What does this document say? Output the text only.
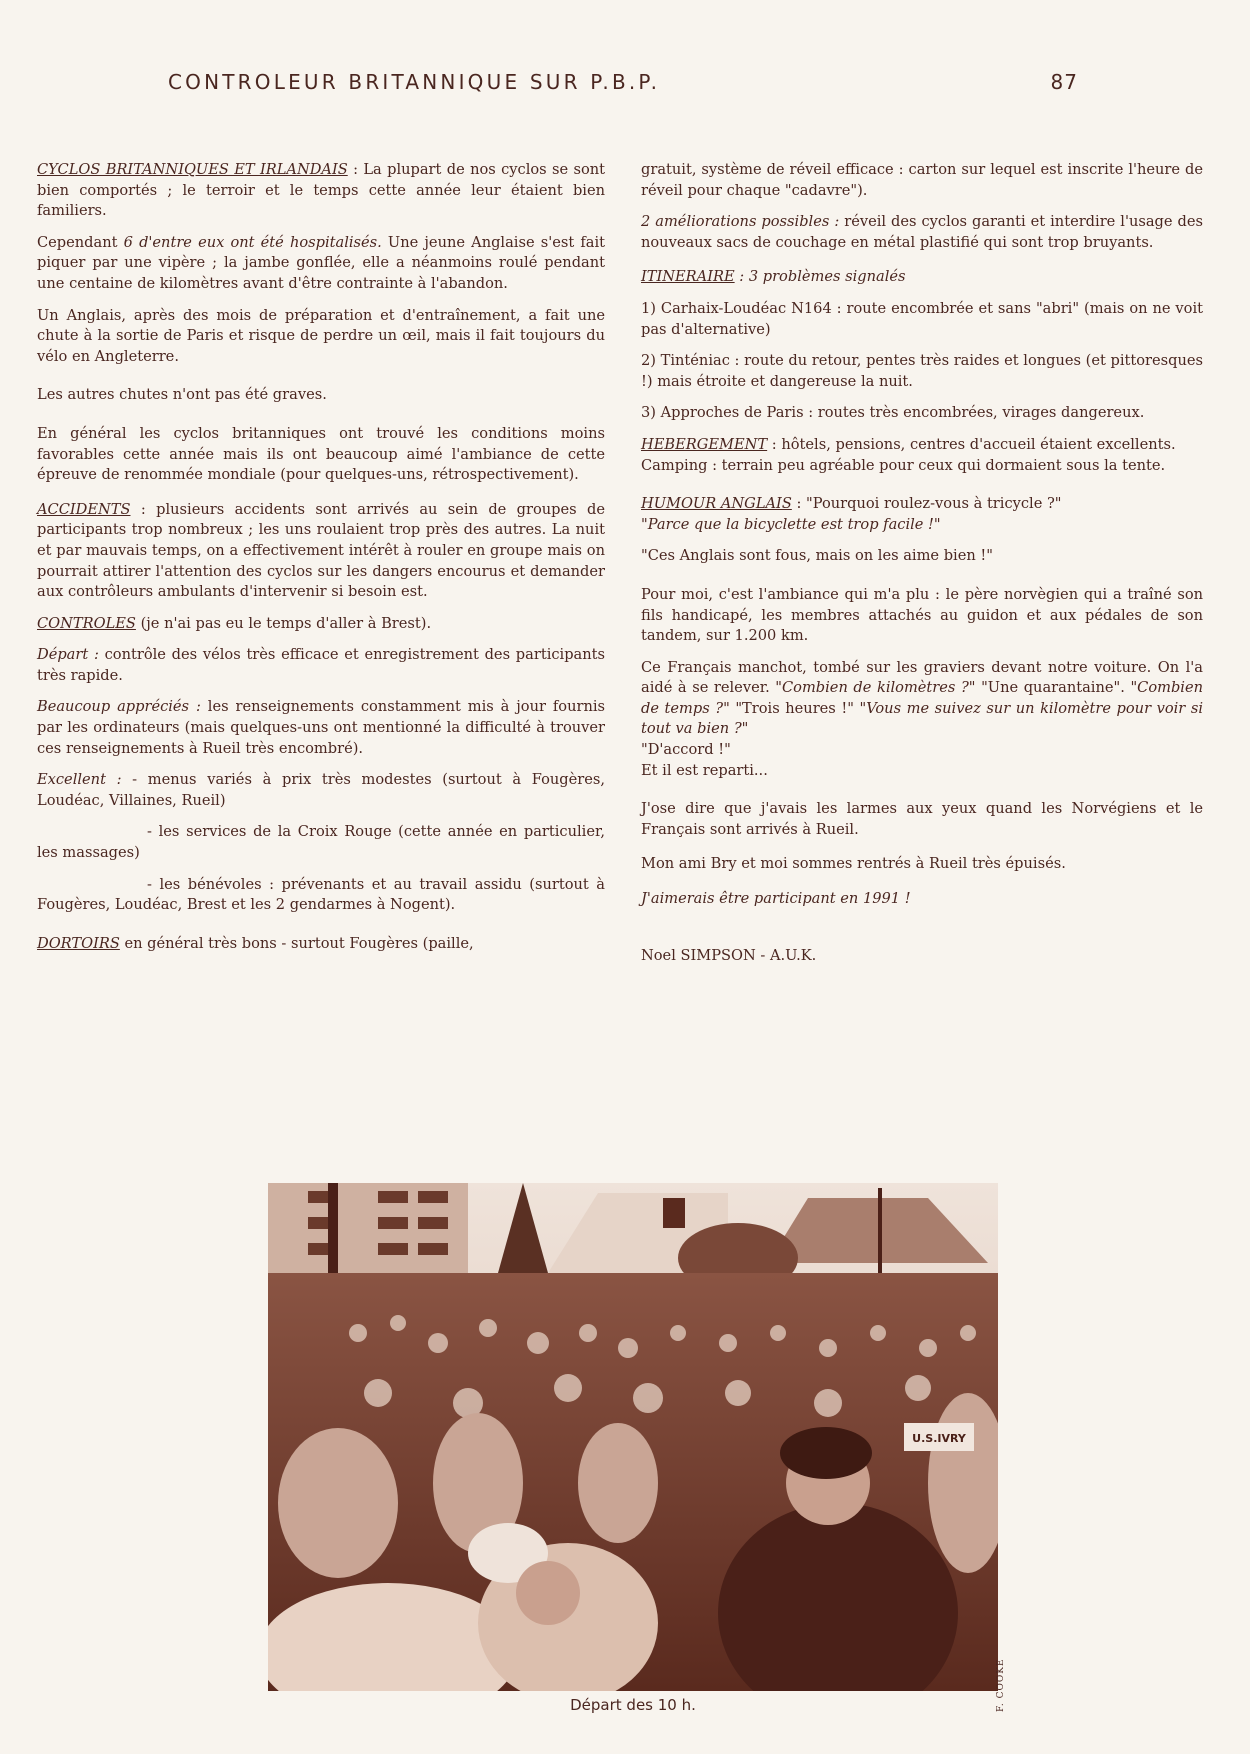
CONTROLEUR BRITANNIQUE SUR P.B.P.	87

CYCLOS BRITANNIQUES ET IRLANDAIS : La plupart de nos cyclos se sont bien comportés ; le terroir et le temps cette année leur étaient bien familiers.

Cependant 6 d'entre eux ont été hospitalisés. Une jeune Anglaise s'est fait piquer par une vipère ; la jambe gonflée, elle a néanmoins roulé pendant une centaine de kilomètres avant d'être contrainte à l'abandon.

Un Anglais, après des mois de préparation et d'entraînement, a fait une chute à la sortie de Paris et risque de perdre un œil, mais il fait toujours du vélo en Angleterre.

Les autres chutes n'ont pas été graves.

En général les cyclos britanniques ont trouvé les conditions moins favorables cette année mais ils ont beaucoup aimé l'ambiance de cette épreuve de renommée mondiale (pour quelques-uns, rétrospectivement).

ACCIDENTS : plusieurs accidents sont arrivés au sein de groupes de participants trop nombreux ; les uns roulaient trop près des autres. La nuit et par mauvais temps, on a effectivement intérêt à rouler en groupe mais on pourrait attirer l'attention des cyclos sur les dangers encourus et demander aux contrôleurs ambulants d'intervenir si besoin est.

CONTROLES (je n'ai pas eu le temps d'aller à Brest).

Départ : contrôle des vélos très efficace et enregistrement des participants très rapide.

Beaucoup appréciés : les renseignements constamment mis à jour fournis par les ordinateurs (mais quelques-uns ont mentionné la difficulté à trouver ces renseignements à Rueil très encombré).

Excellent : - menus variés à prix très modestes (surtout à Fougères, Loudéac, Villaines, Rueil)

- les services de la Croix Rouge (cette année en particulier, les massages)

- les bénévoles : prévenants et au travail assidu (surtout à Fougères, Loudéac, Brest et les 2 gendarmes à Nogent).

DORTOIRS en général très bons - surtout Fougères (paille,

gratuit, système de réveil efficace : carton sur lequel est inscrite l'heure de réveil pour chaque "cadavre").

2 améliorations possibles : réveil des cyclos garanti et interdire l'usage des nouveaux sacs de couchage en métal plastifié qui sont trop bruyants.

ITINERAIRE : 3 problèmes signalés

1) Carhaix-Loudéac N164 : route encombrée et sans "abri" (mais on ne voit pas d'alternative)

2) Tinténiac : route du retour, pentes très raides et longues (et pittoresques !) mais étroite et dangereuse la nuit.

3) Approches de Paris : routes très encombrées, virages dangereux.

HEBERGEMENT : hôtels, pensions, centres d'accueil étaient excellents.

Camping : terrain peu agréable pour ceux qui dormaient sous la tente.

HUMOUR ANGLAIS : "Pourquoi roulez-vous à tricycle ?"

"Parce que la bicyclette est trop facile !"

"Ces Anglais sont fous, mais on les aime bien !"

Pour moi, c'est l'ambiance qui m'a plu : le père norvègien qui a traîné son fils handicapé, les membres attachés au guidon et aux pédales de son tandem, sur 1.200 km.

Ce Français manchot, tombé sur les graviers devant notre voiture. On l'a aidé à se relever. "Combien de kilomètres ?" "Une quarantaine". "Combien de temps ?" "Trois heures !" "Vous me suivez sur un kilomètre pour voir si tout va bien ?"

"D'accord !"

Et il est reparti...

J'ose dire que j'avais les larmes aux yeux quand les Norvégiens et le Français sont arrivés à Rueil.

Mon ami Bry et moi sommes rentrés à Rueil très épuisés.

J'aimerais être participant en 1991 !

Noel SIMPSON - A.U.K.

U.S.IVRY
F. COOKE
Départ des 10 h.
